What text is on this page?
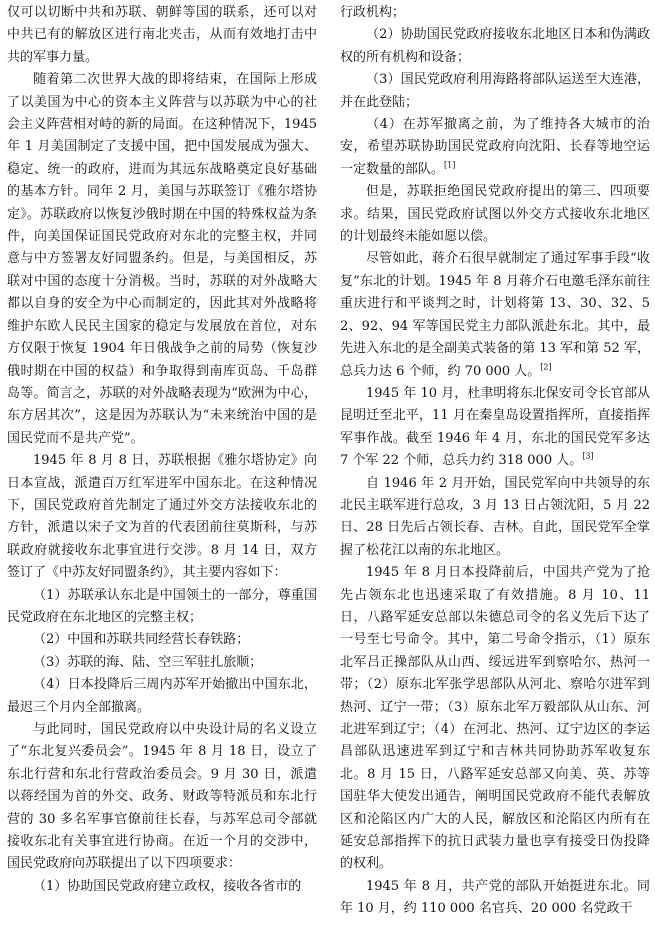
仅可以切断中共和苏联、朝鲜等国的联系，还可以对中共已有的解放区进行南北夹击，从而有效地打击中共的军事力量。

随着第二次世界大战的即将结束，在国际上形成了以美国为中心的资本主义阵营与以苏联为中心的社会主义阵营相对峙的新的局面。在这种情况下，1945 年 1 月美国制定了支援中国，把中国发展成为强大、稳定、统一的政府，进而为其远东战略奠定良好基础的基本方针。同年 2 月，美国与苏联签订《雅尔塔协定》。苏联政府以恢复沙俄时期在中国的特殊权益为条件，向美国保证国民党政府对东北的完整主权，并同意与中方签署友好同盟条约。但是，与美国相反，苏联对中国的态度十分消极。当时，苏联的对外战略大都以自身的安全为中心而制定的，因此其对外战略将维护东欧人民民主国家的稳定与发展放在首位，对东方仅限于恢复 1904 年日俄战争之前的局势（恢复沙俄时期在中国的权益）和争取得到南库页岛、千岛群岛等。简言之，苏联的对外战略表现为“欧洲为中心，东方居其次”，这是因为苏联认为“未来统治中国的是国民党而不是共产党”。

1945 年 8 月 8 日，苏联根据《雅尔塔协定》向日本宣战，派遣百万红军进军中国东北。在这种情况下，国民党政府首先制定了通过外交方法接收东北的方针，派遣以宋子文为首的代表团前往莫斯科，与苏联政府就接收东北事宜进行交涉。8 月 14 日，双方签订了《中苏友好同盟条约》，其主要内容如下：

（1）苏联承认东北是中国领土的一部分，尊重国民党政府在东北地区的完整主权；

（2）中国和苏联共同经营长春铁路；

（3）苏联的海、陆、空三军驻扎旅顺；

（4）日本投降后三周内苏军开始撤出中国东北，最迟三个月内全部撤离。

与此同时，国民党政府以中央设计局的名义设立了“东北复兴委员会”。1945 年 8 月 18 日，设立了东北行营和东北行营政治委员会。9 月 30 日，派遣以蒋经国为首的外交、政务、财政等特派员和东北行营的 30 多名军事官僚前往长春，与苏军总司令部就接收东北有关事宜进行协商。在近一个月的交涉中，国民党政府向苏联提出了以下四项要求：

（1）协助国民党政府建立政权，接收各省市的

行政机构；

（2）协助国民党政府接收东北地区日本和伪满政权的所有机构和设备；

（3）国民党政府利用海路将部队运送至大连港，并在此登陆；

（4）在苏军撤离之前，为了维持各大城市的治安，希望苏联协助国民党政府向沈阳、长春等地空运一定数量的部队。[1]

但是，苏联拒绝国民党政府提出的第三、四项要求。结果，国民党政府试图以外交方式接收东北地区的计划最终未能如愿以偿。

尽管如此，蒋介石很早就制定了通过军事手段“收复”东北的计划。1945 年 8 月蒋介石电邀毛泽东前往重庆进行和平谈判之时，计划将第 13、30、32、52、92、94 军等国民党主力部队派赴东北。其中，最先进入东北的是全副美式装备的第 13 军和第 52 军，总兵力达 6 个师，约 70 000 人。[2]

1945 年 10 月，杜聿明将东北保安司令长官部从昆明迁至北平，11 月在秦皇岛设置指挥所，直接指挥军事作战。截至 1946 年 4 月，东北的国民党军多达 7 个军 22 个师，总兵力约 318 000 人。[3]

自 1946 年 2 月开始，国民党军向中共领导的东北民主联军进行总攻，3 月 13 日占领沈阳，5 月 22 日、28 日先后占领长春、吉林。自此，国民党军全掌握了松花江以南的东北地区。

1945 年 8 月日本投降前后，中国共产党为了抢先占领东北也迅速采取了有效措施。8 月 10、11 日，八路军延安总部以朱德总司令的名义先后下达了一号至七号命令。其中，第二号命令指示，（1）原东北军吕正操部队从山西、绥远进军到察哈尔、热河一带；（2）原东北军张学思部队从河北、察哈尔进军到热河、辽宁一带；（3）原东北军万毅部队从山东、河北进军到辽宁；（4）在河北、热河、辽宁边区的李运昌部队迅速进军到辽宁和吉林共同协助苏军收复东北。8 月 15 日，八路军延安总部又向美、英、苏等国驻华大使发出通告，阐明国民党政府不能代表解放区和沦陷区内广大的人民，解放区和沦陷区内所有在延安总部指挥下的抗日武装力量也享有接受日伪投降的权利。

1945 年 8 月，共产党的部队开始挺进东北。同年 10 月，约 110 000 名官兵、20 000 名党政干
